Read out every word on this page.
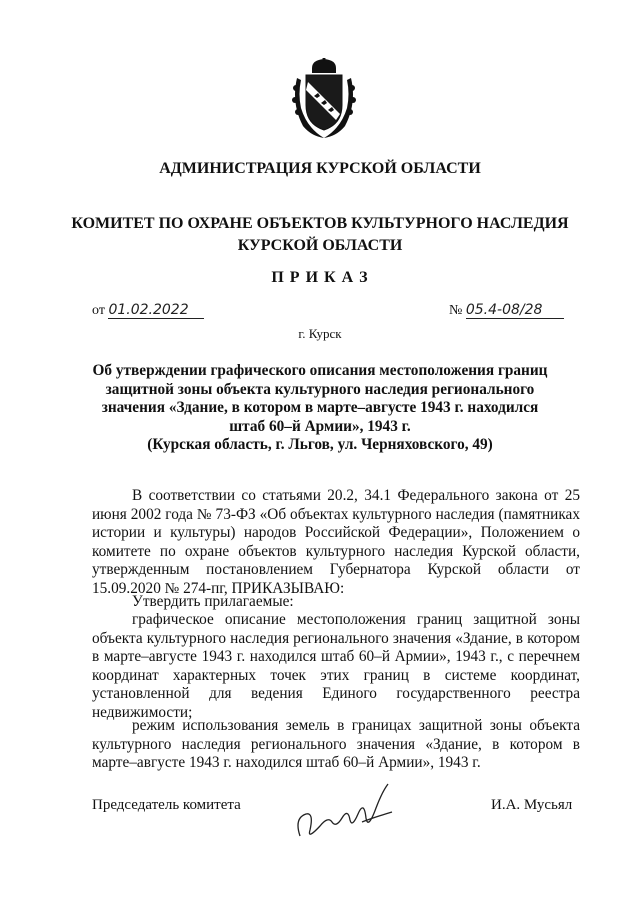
АДМИНИСТРАЦИЯ КУРСКОЙ ОБЛАСТИ
КОМИТЕТ ПО ОХРАНЕ ОБЪЕКТОВ КУЛЬТУРНОГО НАСЛЕДИЯ
КУРСКОЙ ОБЛАСТИ
П Р И К А З
от 01.02.2022	№ 05.4-08/28
г. Курск
Об утверждении графического описания местоположения границ
защитной зоны объекта культурного наследия регионального
значения «Здание, в котором в марте–августе 1943 г. находился
штаб 60–й Армии», 1943 г.
(Курская область, г. Льгов, ул. Черняховского, 49)

В соответствии со статьями 20.2, 34.1 Федерального закона от 25 июня 2002 года № 73-ФЗ «Об объектах культурного наследия (памятниках истории и культуры) народов Российской Федерации», Положением о комитете по охране объектов культурного наследия Курской области, утвержденным постановлением Губернатора Курской области от 15.09.2020 № 274-пг, ПРИКАЗЫВАЮ:

Утвердить прилагаемые:

графическое описание местоположения границ защитной зоны объекта культурного наследия регионального значения «Здание, в котором в марте–августе 1943 г. находился штаб 60–й Армии», 1943 г., с перечнем координат характерных точек этих границ в системе координат, установленной для ведения Единого государственного реестра недвижимости;

режим использования земель в границах защитной зоны объекта культурного наследия регионального значения «Здание, в котором в марте–августе 1943 г. находился штаб 60–й Армии», 1943 г.

Председатель комитета	И.А. Мусьял
